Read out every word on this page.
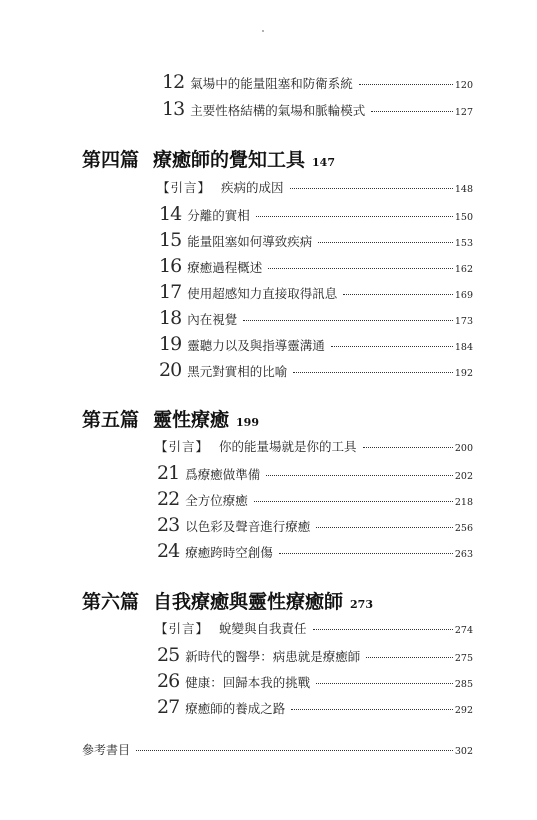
12 氣場中的能量阻塞和防衛系統	120
13 主要性格結構的氣場和脈輪模式	127
第四篇 療癒師的覺知工具 147
【引言】 疾病的成因	148
14 分離的實相	150
15 能量阻塞如何導致疾病	153
16 療癒過程概述	162
17 使用超感知力直接取得訊息	169
18 內在視覺	173
19 靈聽力以及與指導靈溝通	184
20 黑元對實相的比喻	192
第五篇 靈性療癒 199
【引言】 你的能量場就是你的工具	200
21 爲療癒做準備	202
22 全方位療癒	218
23 以色彩及聲音進行療癒	256
24 療癒跨時空創傷	263
第六篇 自我療癒與靈性療癒師 273
【引言】 蛻變與自我責任	274
25 新時代的醫學：病患就是療癒師	275
26 健康：回歸本我的挑戰	285
27 療癒師的養成之路	292
參考書目	302
